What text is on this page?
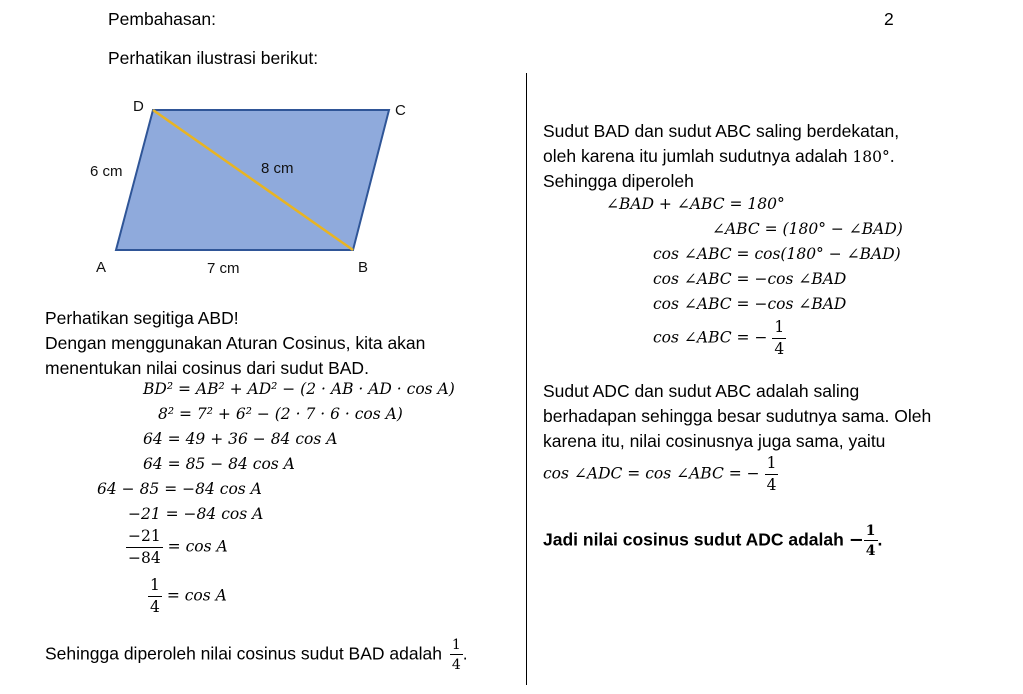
Pembahasan:	2
Perhatikan ilustrasi berikut:
D	C
A	B
6 cm	8 cm
7 cm
Perhatikan segitiga ABD!
Dengan menggunakan Aturan Cosinus, kita akan
menentukan nilai cosinus dari sudut BAD.
BD² = AB² + AD² − (2 · AB · AD · cos A)
8² = 7² + 6² − (2 · 7 · 6 · cos A)
64 = 49 + 36 − 84 cos A
64 = 85 − 84 cos A
64 − 85 = −84 cos A
−21 = −84 cos A
$\frac{-21}{-84} = \cos A$
$\frac{1}{4} = \cos A$
Sehingga diperoleh nilai cosinus sudut BAD adalah $\frac{1}{4}$ .
Sudut BAD dan sudut ABC saling berdekatan,
oleh karena itu jumlah sudutnya adalah 180°.
Sehingga diperoleh
∠BAD + ∠ABC = 180°
∠ABC = (180° − ∠BAD)
cos ∠ABC = cos(180° − ∠BAD)
cos ∠ABC = −cos ∠BAD
cos ∠ABC = −cos ∠BAD
cos ∠ABC = − $\frac{1}{4}$
Sudut ADC dan sudut ABC adalah saling
berhadapan sehingga besar sudutnya sama. Oleh
karena itu, nilai cosinusnya juga sama, yaitu
cos ∠ADC = cos ∠ABC = − $\frac{1}{4}$
Jadi nilai cosinus sudut ADC adalah − $\frac{1}{4}$ .
